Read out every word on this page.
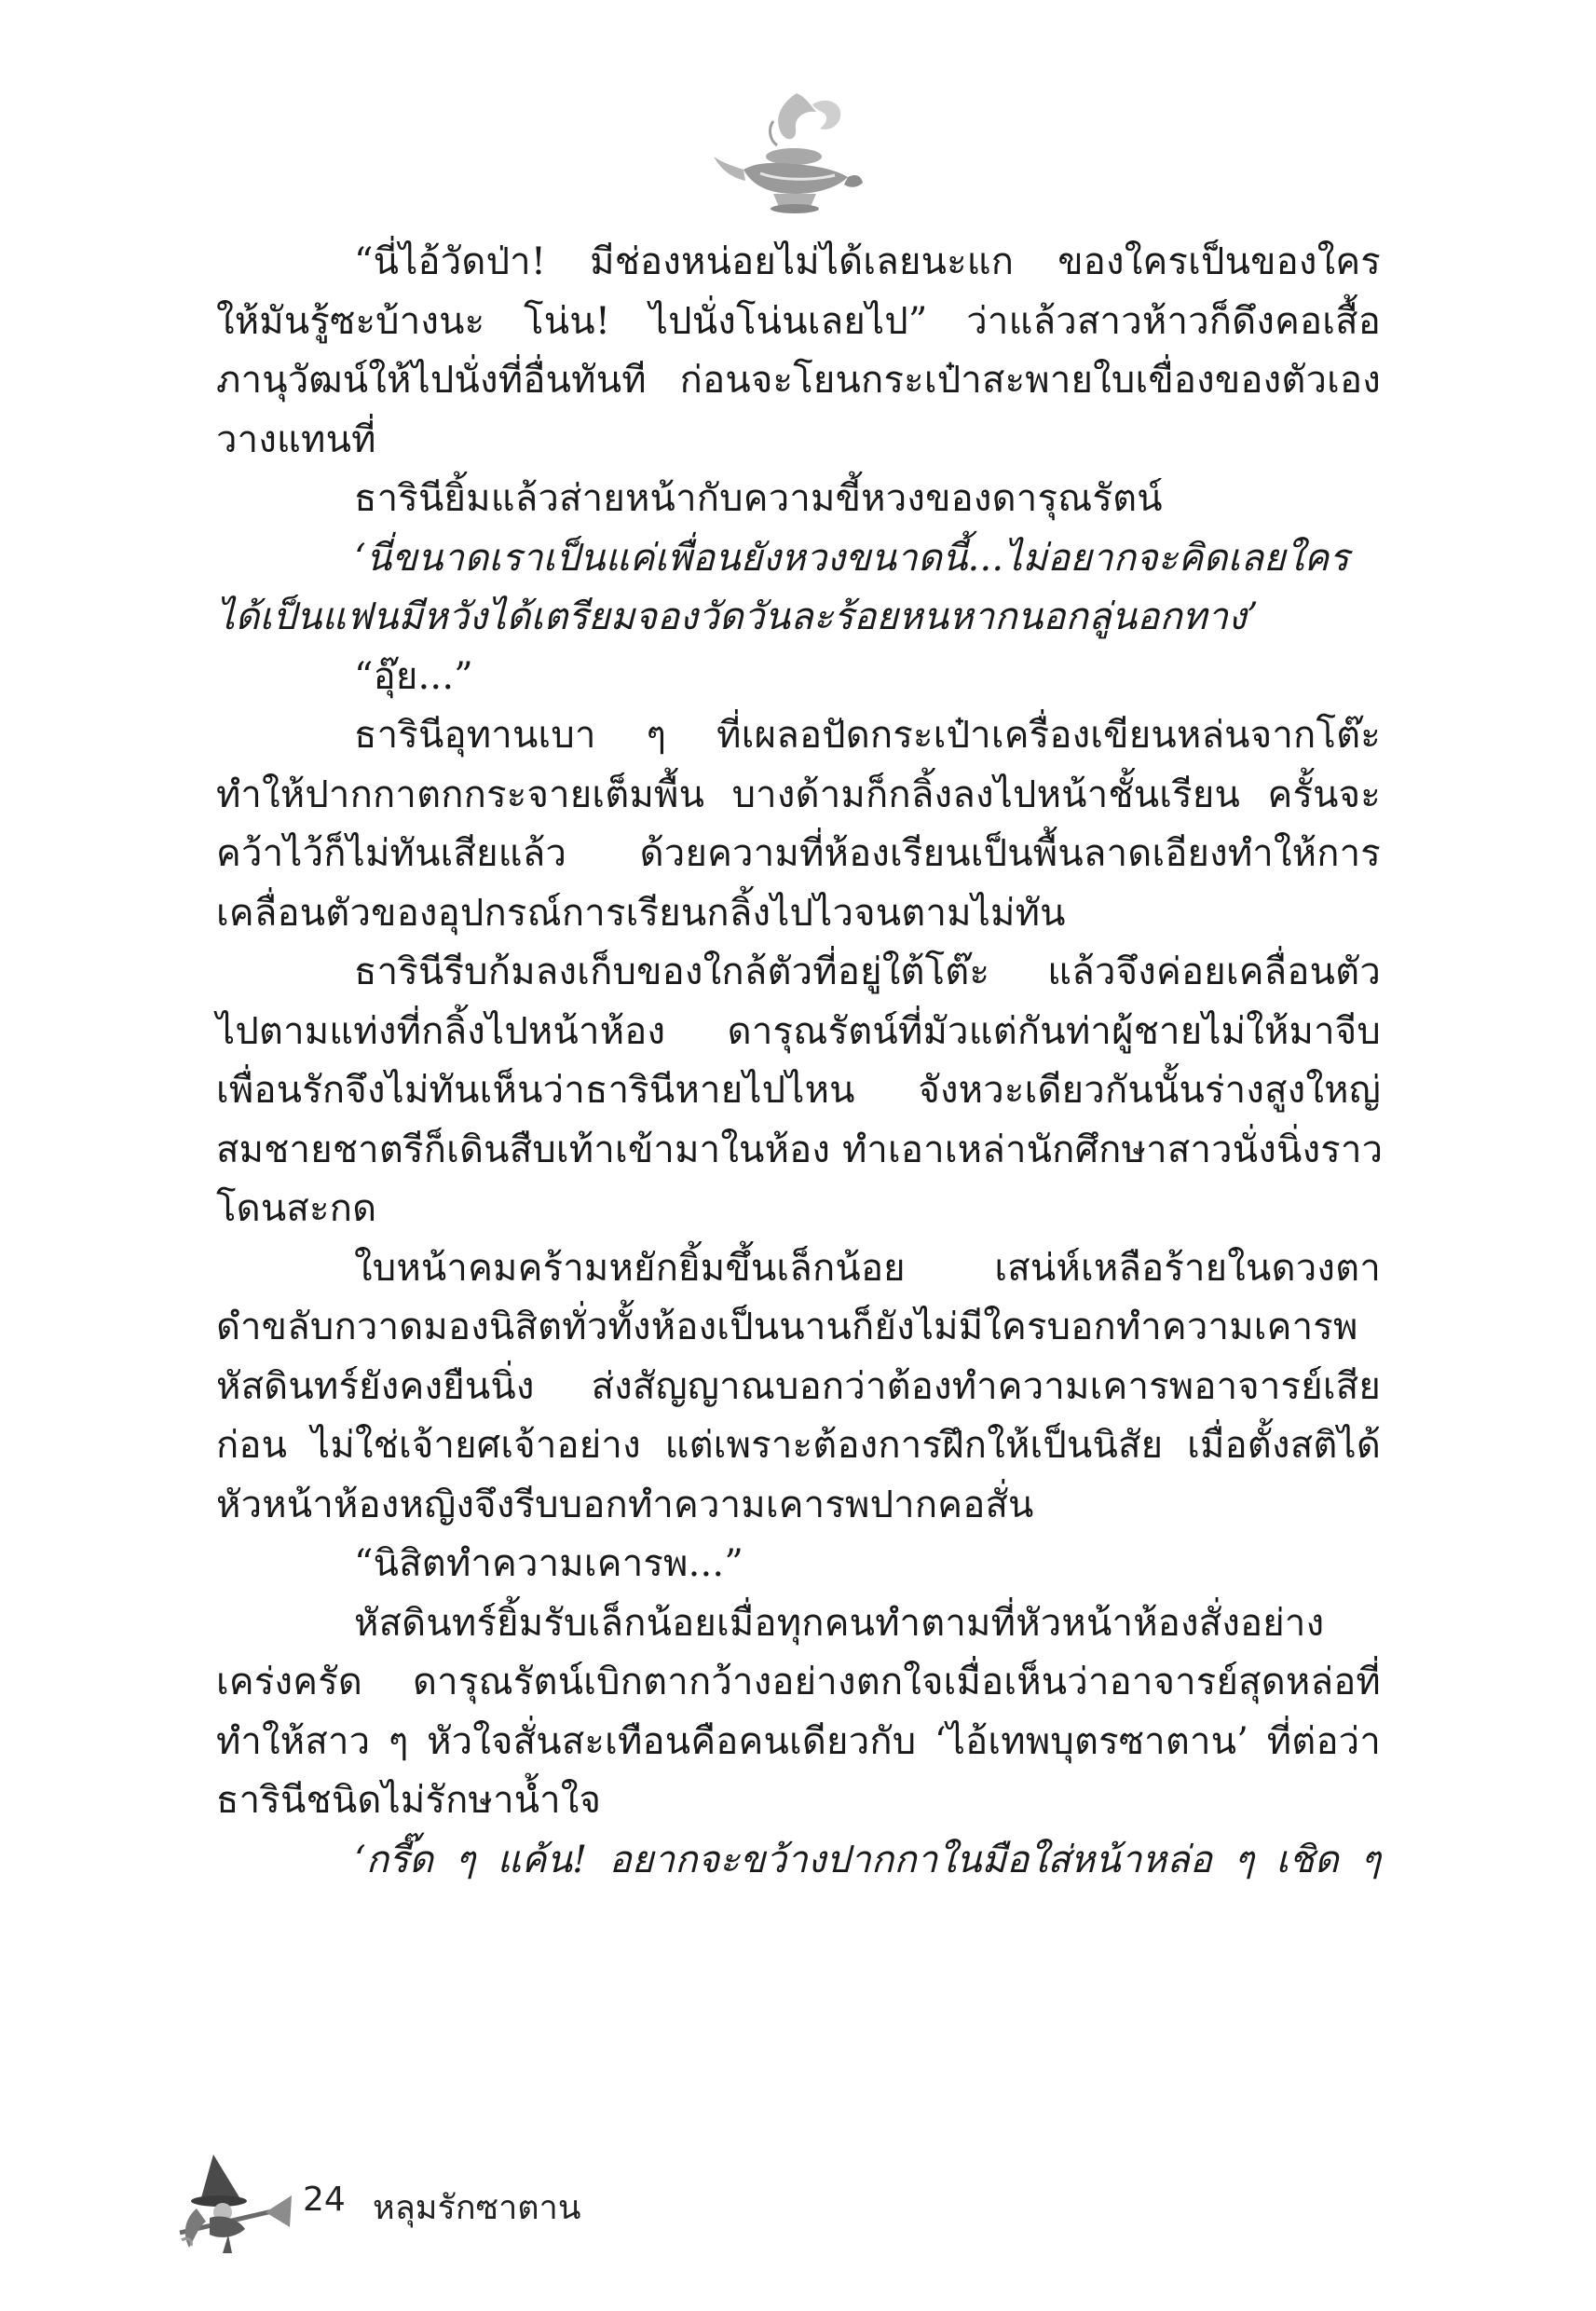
“นี่ไอ้วัดป่า! มีช่องหน่อยไม่ได้เลยนะแก ของใครเป็นของใคร
ให้มันรู้ซะบ้างนะ โน่น! ไปนั่งโน่นเลยไป” ว่าแล้วสาวห้าวก็ดึงคอเสื้อ
ภานุวัฒน์ให้ไปนั่งที่อื่นทันที ก่อนจะโยนกระเป๋าสะพายใบเขื่องของตัวเอง
วางแทนที่
ธารินียิ้มแล้วส่ายหน้ากับความขี้หวงของดารุณรัตน์
‘นี่ขนาดเราเป็นแค่เพื่อนยังหวงขนาดนี้...ไม่อยากจะคิดเลยใคร
ได้เป็นแฟนมีหวังได้เตรียมจองวัดวันละร้อยหนหากนอกลู่นอกทาง’
“อุ๊ย...”
ธารินีอุทานเบา ๆ ที่เผลอปัดกระเป๋าเครื่องเขียนหล่นจากโต๊ะ
ทำให้ปากกาตกกระจายเต็มพื้น บางด้ามก็กลิ้งลงไปหน้าชั้นเรียน ครั้นจะ
คว้าไว้ก็ไม่ทันเสียแล้ว ด้วยความที่ห้องเรียนเป็นพื้นลาดเอียงทำให้การ
เคลื่อนตัวของอุปกรณ์การเรียนกลิ้งไปไวจนตามไม่ทัน
ธารินีรีบก้มลงเก็บของใกล้ตัวที่อยู่ใต้โต๊ะ แล้วจึงค่อยเคลื่อนตัว
ไปตามแท่งที่กลิ้งไปหน้าห้อง ดารุณรัตน์ที่มัวแต่กันท่าผู้ชายไม่ให้มาจีบ
เพื่อนรักจึงไม่ทันเห็นว่าธารินีหายไปไหน จังหวะเดียวกันนั้นร่างสูงใหญ่
สมชายชาตรีก็เดินสืบเท้าเข้ามาในห้อง ทำเอาเหล่านักศึกษาสาวนั่งนิ่งราว
โดนสะกด
ใบหน้าคมคร้ามหยักยิ้มขึ้นเล็กน้อย เสน่ห์เหลือร้ายในดวงตา
ดำขลับกวาดมองนิสิตทั่วทั้งห้องเป็นนานก็ยังไม่มีใครบอกทำความเคารพ
หัสดินทร์ยังคงยืนนิ่ง ส่งสัญญาณบอกว่าต้องทำความเคารพอาจารย์เสีย
ก่อน ไม่ใช่เจ้ายศเจ้าอย่าง แต่เพราะต้องการฝึกให้เป็นนิสัย เมื่อตั้งสติได้
หัวหน้าห้องหญิงจึงรีบบอกทำความเคารพปากคอสั่น
“นิสิตทำความเคารพ...”
หัสดินทร์ยิ้มรับเล็กน้อยเมื่อทุกคนทำตามที่หัวหน้าห้องสั่งอย่าง
เคร่งครัด ดารุณรัตน์เบิกตากว้างอย่างตกใจเมื่อเห็นว่าอาจารย์สุดหล่อที่
ทำให้สาว ๆ หัวใจสั่นสะเทือนคือคนเดียวกับ ‘ไอ้เทพบุตรซาตาน’ ที่ต่อว่า
ธารินีชนิดไม่รักษาน้ำใจ
‘กรี๊ด ๆ แค้น! อยากจะขว้างปากกาในมือใส่หน้าหล่อ ๆ เชิด ๆ
24 หลุมรักซาตาน
